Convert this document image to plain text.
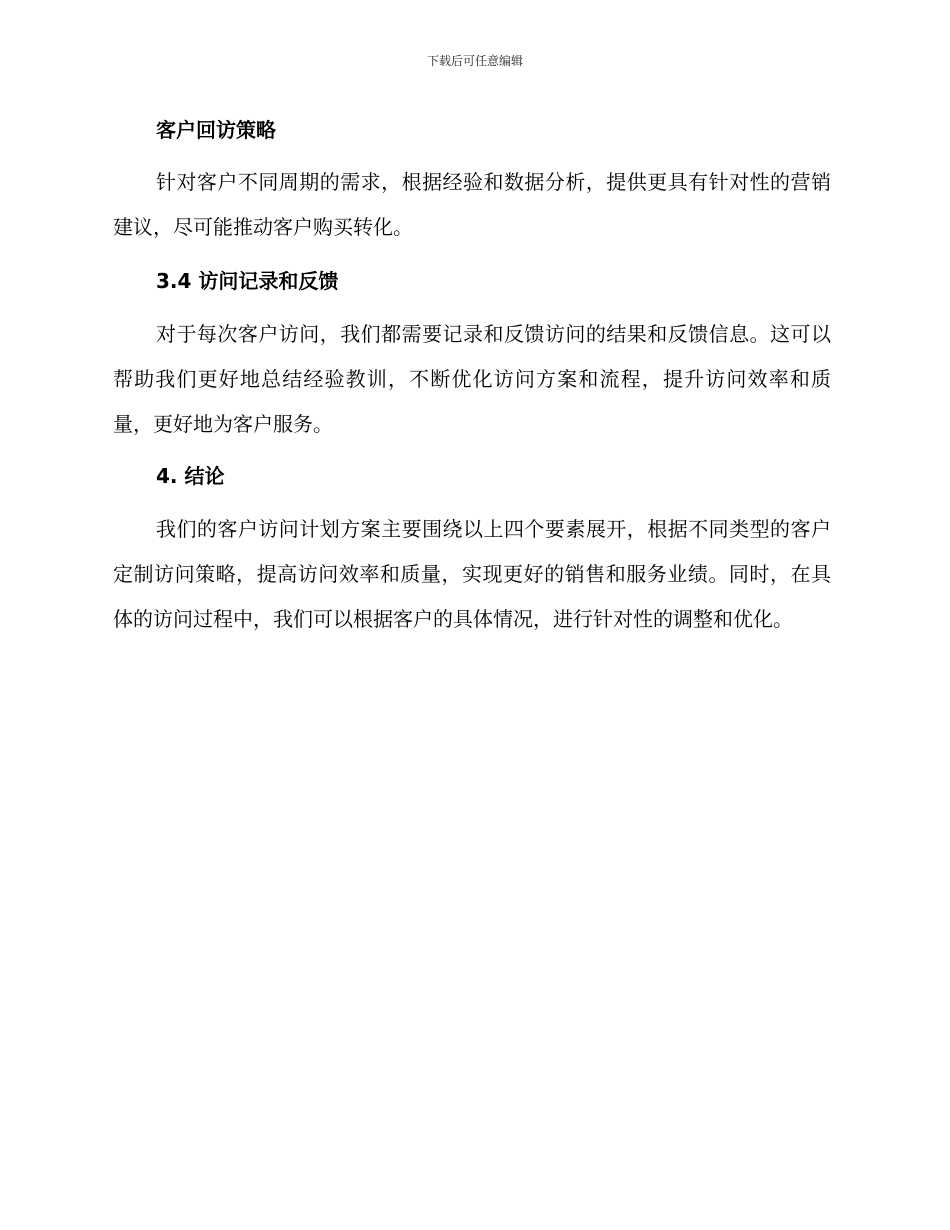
下载后可任意编辑
客户回访策略

针对客户不同周期的需求，根据经验和数据分析，提供更具有针对性的营销建议，尽可能推动客户购买转化。

3.4 访问记录和反馈

对于每次客户访问，我们都需要记录和反馈访问的结果和反馈信息。这可以帮助我们更好地总结经验教训，不断优化访问方案和流程，提升访问效率和质量，更好地为客户服务。

4. 结论

我们的客户访问计划方案主要围绕以上四个要素展开，根据不同类型的客户定制访问策略，提高访问效率和质量，实现更好的销售和服务业绩。同时，在具体的访问过程中，我们可以根据客户的具体情况，进行针对性的调整和优化。
